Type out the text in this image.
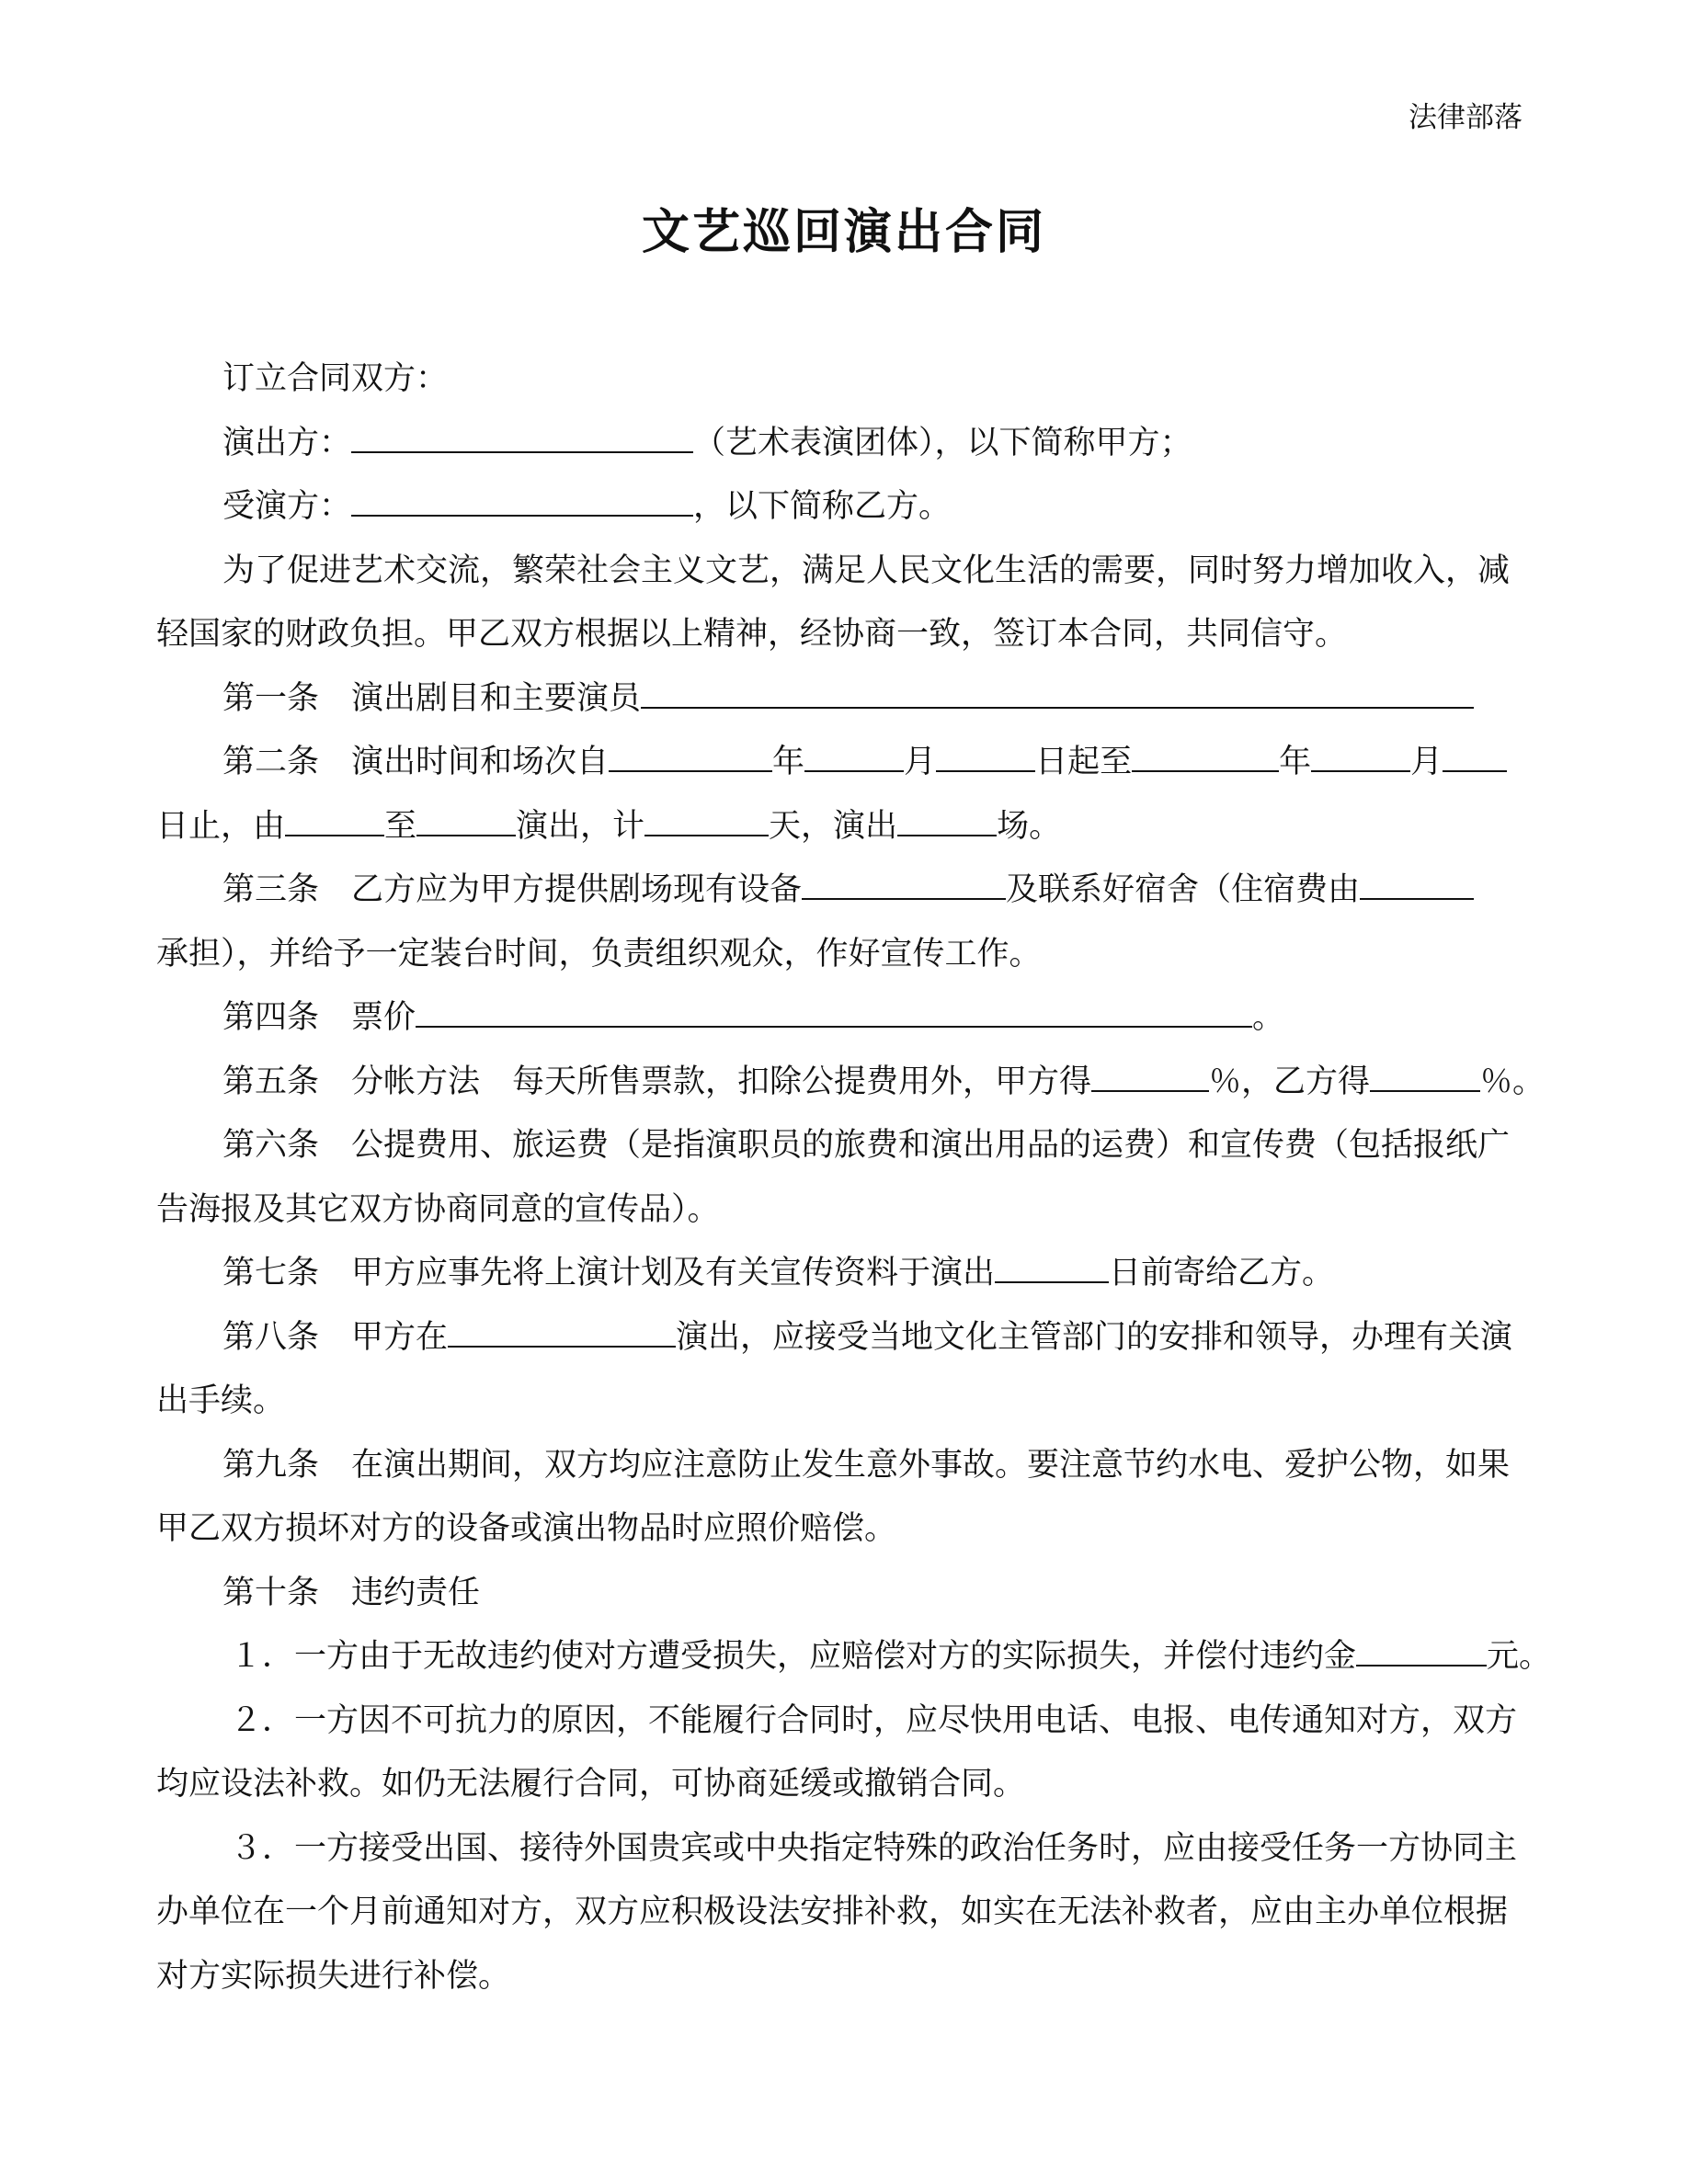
法律部落
文艺巡回演出合同
订立合同双方：
演出方：	（艺术表演团体），以下简称甲方；
受演方：	，以下简称乙方。
为了促进艺术交流，繁荣社会主义文艺，满足人民文化生活的需要，同时努力增加收入，减
轻国家的财政负担。甲乙双方根据以上精神，经协商一致，签订本合同，共同信守。
第一条 演出剧目和主要演员
第二条 演出时间和场次自	年	月	日起至	年	月
日止，由	至	演出，计	天，演出	场。
第三条 乙方应为甲方提供剧场现有设备	及联系好宿舍（住宿费由
承担），并给予一定装台时间，负责组织观众，作好宣传工作。
第四条 票价	。
第五条 分帐方法　每天所售票款，扣除公提费用外，甲方得	％，乙方得	％。
第六条 公提费用、旅运费（是指演职员的旅费和演出用品的运费）和宣传费（包括报纸广
告海报及其它双方协商同意的宣传品）。
第七条 甲方应事先将上演计划及有关宣传资料于演出	日前寄给乙方。
第八条 甲方在	演出，应接受当地文化主管部门的安排和领导，办理有关演
出手续。
第九条 在演出期间，双方均应注意防止发生意外事故。要注意节约水电、爱护公物，如果
甲乙双方损坏对方的设备或演出物品时应照价赔偿。
第十条 违约责任
１．一方由于无故违约使对方遭受损失，应赔偿对方的实际损失，并偿付违约金	元。
２．一方因不可抗力的原因，不能履行合同时，应尽快用电话、电报、电传通知对方，双方
均应设法补救。如仍无法履行合同，可协商延缓或撤销合同。
３．一方接受出国、接待外国贵宾或中央指定特殊的政治任务时，应由接受任务一方协同主
办单位在一个月前通知对方，双方应积极设法安排补救，如实在无法补救者，应由主办单位根据
对方实际损失进行补偿。
